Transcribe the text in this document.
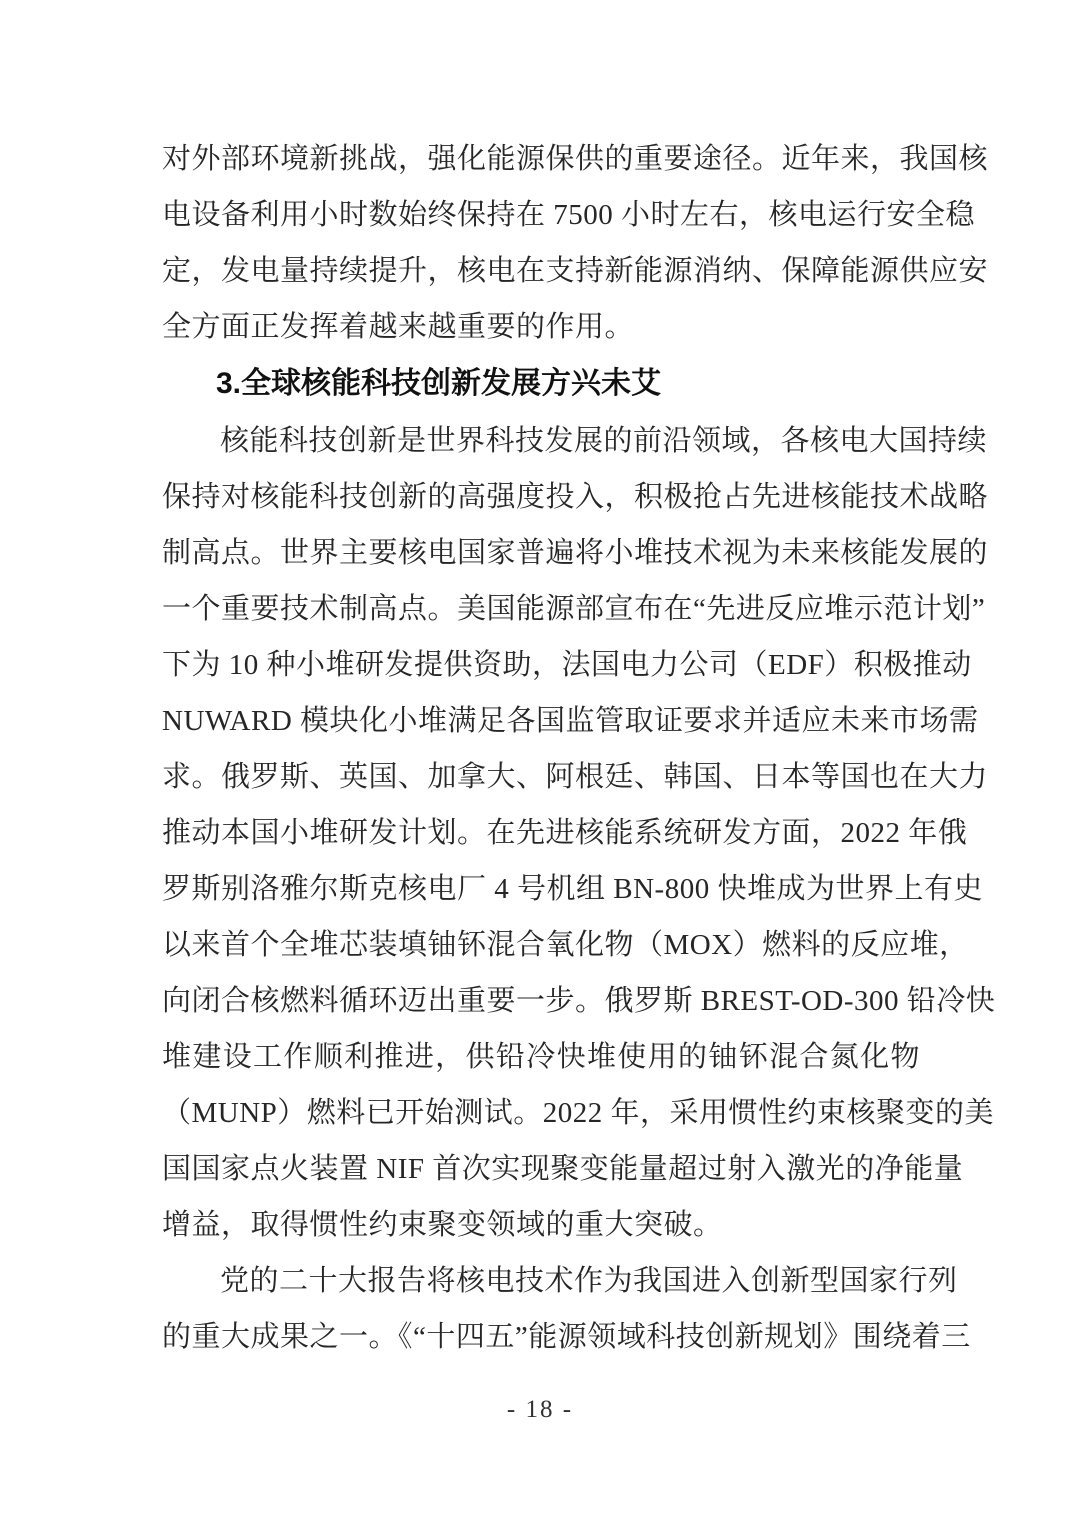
对外部环境新挑战，强化能源保供的重要途径。近年来，我国核
电设备利用小时数始终保持在 7500 小时左右，核电运行安全稳
定，发电量持续提升，核电在支持新能源消纳、保障能源供应安
全方面正发挥着越来越重要的作用。
3.全球核能科技创新发展方兴未艾
核能科技创新是世界科技发展的前沿领域，各核电大国持续
保持对核能科技创新的高强度投入，积极抢占先进核能技术战略
制高点。世界主要核电国家普遍将小堆技术视为未来核能发展的
一个重要技术制高点。美国能源部宣布在“先进反应堆示范计划”
下为 10 种小堆研发提供资助，法国电力公司（EDF）积极推动
NUWARD 模块化小堆满足各国监管取证要求并适应未来市场需
求。俄罗斯、英国、加拿大、阿根廷、韩国、日本等国也在大力
推动本国小堆研发计划。在先进核能系统研发方面，2022 年俄
罗斯别洛雅尔斯克核电厂 4 号机组 BN-800 快堆成为世界上有史
以来首个全堆芯装填铀钚混合氧化物（MOX）燃料的反应堆，
向闭合核燃料循环迈出重要一步。俄罗斯 BREST-OD-300 铅冷快
堆建设工作顺利推进，供铅冷快堆使用的铀钚混合氮化物
（MUNP）燃料已开始测试。2022 年，采用惯性约束核聚变的美
国国家点火装置 NIF 首次实现聚变能量超过射入激光的净能量
增益，取得惯性约束聚变领域的重大突破。
党的二十大报告将核电技术作为我国进入创新型国家行列
的重大成果之一。《“十四五”能源领域科技创新规划》围绕着三
- 18 -
